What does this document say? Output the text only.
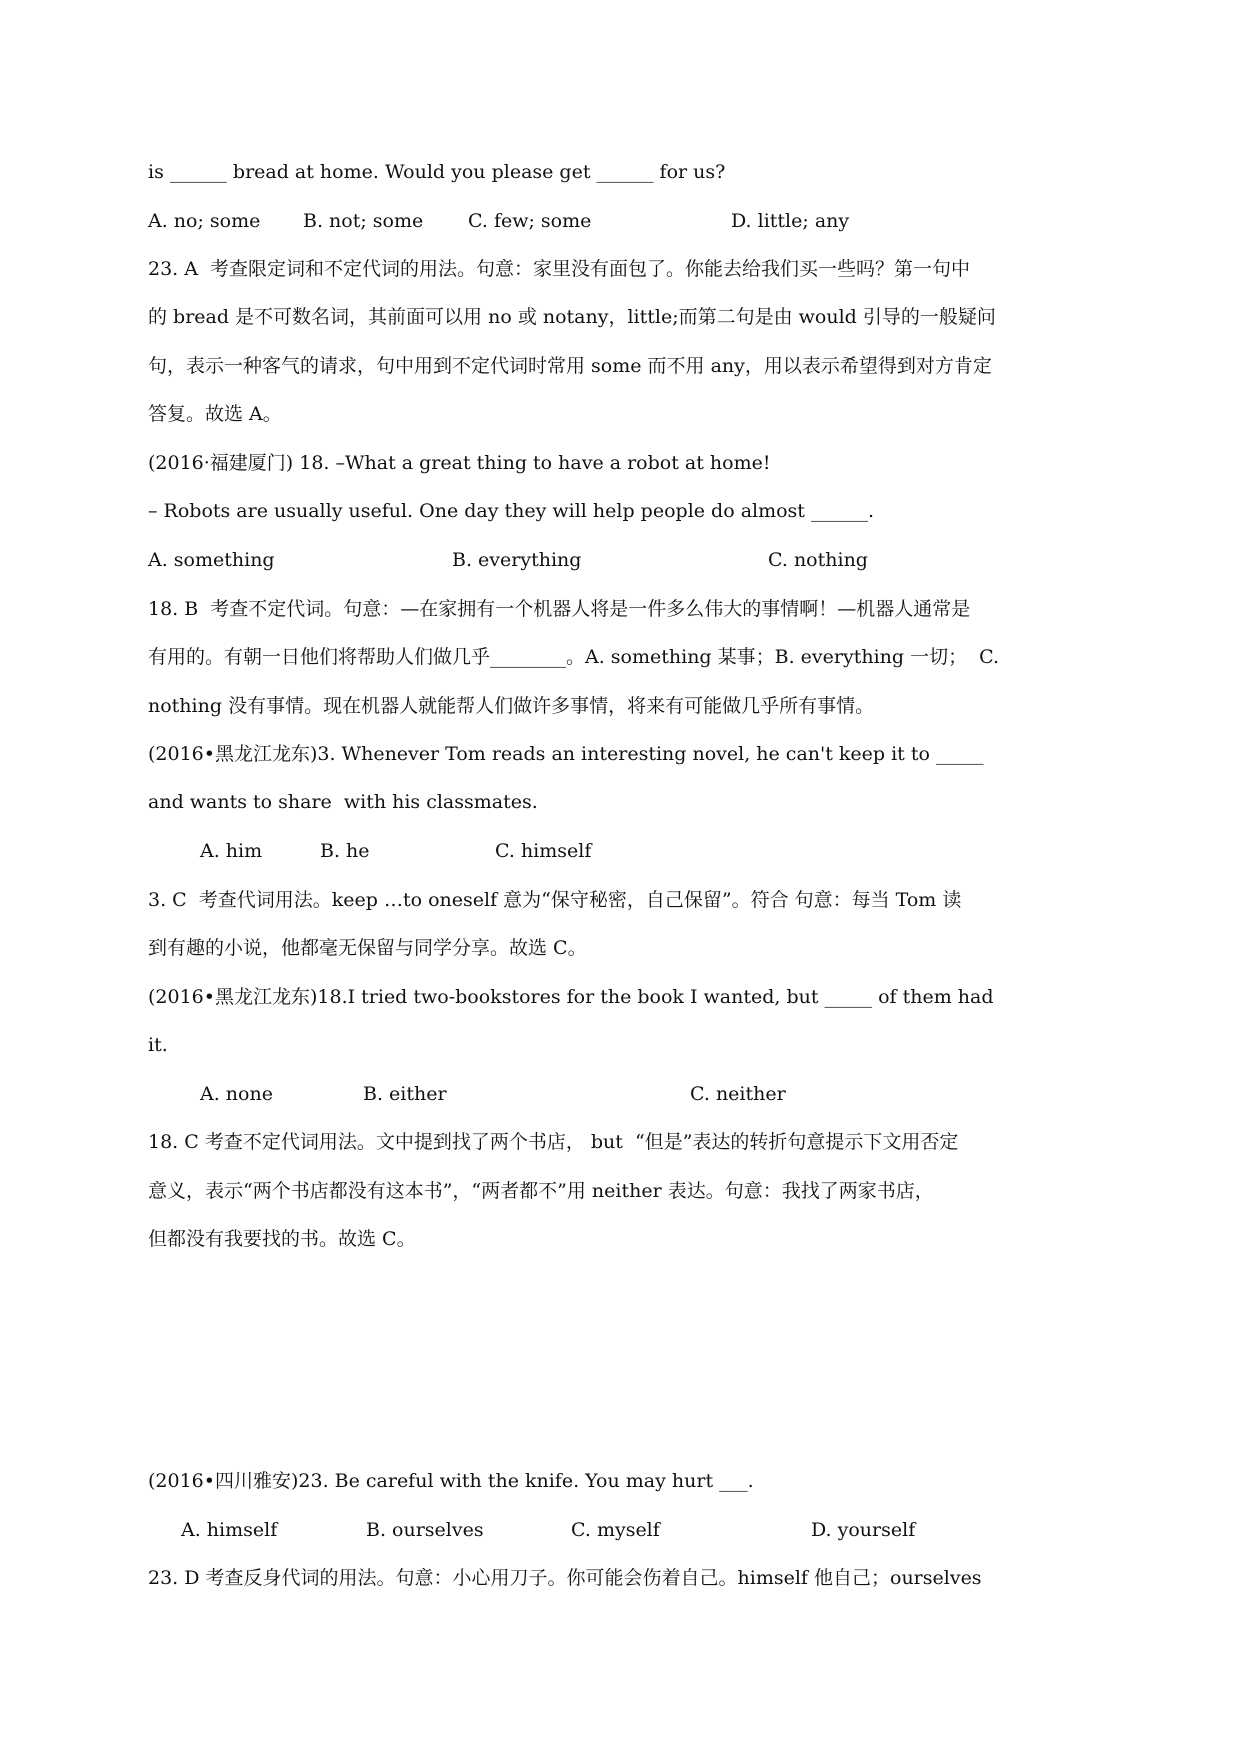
is ______ bread at home. Would you please get ______ for us?

A. no; some

B. not; some

C. few; some

	D. little; any

23. A  考查限定词和不定代词的用法。句意：家里没有面包了。你能去给我们买一些吗？第一句中
的 bread 是不可数名词，其前面可以用 no 或 notany，little;而第二句是由 would 引导的一般疑问
句，表示一种客气的请求，句中用到不定代词时常用 some 而不用 any，用以表示希望得到对方肯定
答复。故选 A。
(2016·福建厦门) 18. –What a great thing to have a robot at home!
– Robots are usually useful. One day they will help people do almost ______.

A. something

	B. everything

	C. nothing

18. B  考查不定代词。句意：—在家拥有一个机器人将是一件多么伟大的事情啊！—机器人通常是
有用的。有朝一日他们将帮助人们做几乎________。A. something 某事；B. everything 一切；  C.
nothing 没有事情。现在机器人就能帮人们做许多事情，将来有可能做几乎所有事情。
(2016•黑龙江龙东)3. Whenever Tom reads an interesting novel, he can't keep it to _____
and wants to share  with his classmates.

A. him

	B. he

	C. himself

3. C  考查代词用法。keep …to oneself 意为“保守秘密，自己保留”。符合 句意：每当 Tom 读
到有趣的小说，他都毫无保留与同学分享。故选 C。
(2016•黑龙江龙东)18.I tried two-bookstores for the book I wanted, but _____ of them had
it.

A. none

	B. either

	C. neither

18. C 考查不定代词用法。文中提到找了两个书店， but  “但是”表达的转折句意提示下文用否定
意义，表示“两个书店都没有这本书”，“两者都不”用 neither 表达。句意：我找了两家书店，
但都没有我要找的书。故选 C。
(2016•四川雅安)23. Be careful with the knife. You may hurt ___.

A. himself

	B. ourselves

	C. myself

	D. yourself

23. D 考查反身代词的用法。句意：小心用刀子。你可能会伤着自己。himself 他自己；ourselves
